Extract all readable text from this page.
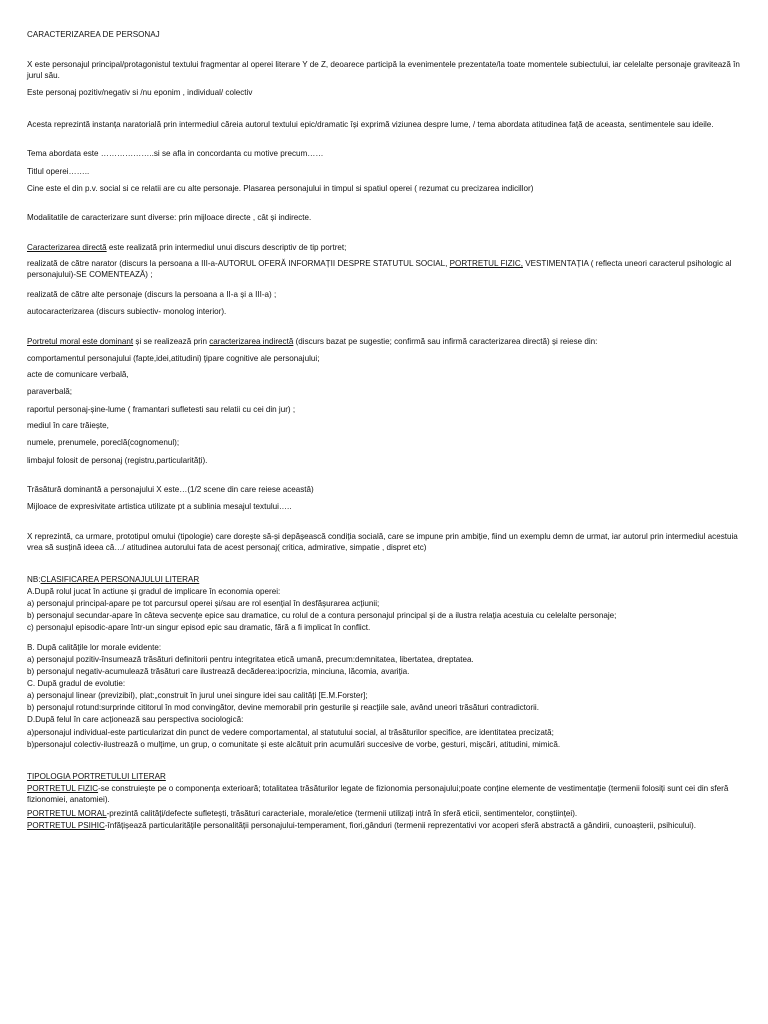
CARACTERIZAREA DE PERSONAJ
X este personajul principal/protagonistul textului fragmentar al operei literare Y de Z, deoarece participă la evenimentele prezentate/la toate momentele subiectului, iar celelalte personaje gravitează în jurul său.
Este personaj pozitiv/negativ si /nu eponim , individual/ colectiv
Acesta reprezintă instanța naratorială prin intermediul căreia autorul textului epic/dramatic își exprimă viziunea despre lume, / tema abordata atitudinea față de aceasta, sentimentele sau ideile.
Tema abordata este ………………..si se afla in concordanta cu motive precum……
Titlul operei……..
Cine este el din p.v. social si ce relatii are cu alte personaje. Plasarea personajului in timpul si spatiul operei ( rezumat cu precizarea indicillor)
Modalitatile de caracterizare sunt diverse: prin mijloace directe , cât și indirecte.
Caracterizarea directă este realizată prin intermediul unui discurs descriptiv de tip portret;
realizată de către narator (discurs la persoana a III-a-AUTORUL OFERĂ INFORMAȚII DESPRE STATUTUL SOCIAL, PORTRETUL FIZIC, VESTIMENTAȚIA ( reflecta uneori caracterul psihologic al personajului)-SE COMENTEAZĂ) ;
realizată de către alte personaje (discurs la persoana a II-a și a III-a) ;
autocaracterizarea (discurs subiectiv- monolog interior).
Portretul moral este dominant și se realizează prin caracterizarea indirectă (discurs bazat pe sugestie; confirmă sau infirmă caracterizarea directă) și reiese din:
comportamentul personajului (fapte,idei,atitudini) ţipare cognitive ale personajului;
acte de comunicare verbală,
paraverbală;
raportul personaj-șine-lume ( framantari sufletesti sau relatii cu cei din jur) ;
mediul în care trăiește,
numele, prenumele, poreclă(cognomenul);
limbajul folosit de personaj (registru,particularități).
Trăsătură dominantă a personajului X este…(1/2 scene din care reiese aceastâ)
Mijloace de expresivitate artistica utilizate pt a sublinia mesajul textului…..
X reprezintă, ca urmare, prototipul omului (tipologie) care dorește să-și depășească condiția socială, care se impune prin ambiție, fiind un exemplu demn de urmat, iar autorul prin intermediul acestuia vrea să susțină ideea că…/ atitudinea autorului fata de acest personaj( critica, admirative, simpatie , dispret etc)
NB:CLASIFICAREA PERSONAJULUI LITERAR
A.După rolul jucat în actiune și gradul de implicare în economia operei:
a) personajul principal-apare pe tot parcursul operei și/sau are rol esențial în desfășurarea acțiunii;
b) personajul secundar-apare în câteva secvențe epice sau dramatice, cu rolul de a contura personajul principal și de a ilustra relația acestuia cu celelalte personaje;
c) personajul episodic-apare într-un singur episod epic sau dramatic, fără a fi implicat în conflict.
B. După calitățile lor morale evidente:
a) personajul pozitiv-însumează trăsături definitorii pentru integritatea etică umană, precum:demnitatea, libertatea, dreptatea.
b) personajul negativ-acumulează trăsături care ilustrează decăderea:ipocrizia, minciuna, lăcomia, avariția.
C. După gradul de evolutie:
a) personajul linear (previzibil), plat:„construit în jurul unei singure idei sau calități [E.M.Forster];
b) personajul rotund:surprinde cititorul în mod convingător, devine memorabil prin gesturile și reacțiile sale, având uneori trăsături contradictorii.
D.După felul în care acționează sau perspectiva sociologică:
a)personajul individual-este particularizat din punct de vedere comportamental, al statutului social, al trăsăturilor specifice, are identitatea precizată;
b)personajul colectiv-ilustrează o mulțime, un grup, o comunitate și este alcătuit prin acumulări succesive de vorbe, gesturi, mișcări, atitudini, mimică.
TIPOLOGIA PORTRETULUI LITERAR
PORTRETUL FIZIC-se construiește pe o componența exterioară; totalitatea trăsăturilor legate de fizionomia personajului;poate conține elemente de vestimentație (termenii folosiți sunt cei din sferă fizionomiei, anatomiei).
PORTRETUL MORAL-prezintă calități/defecte sufletești, trăsături caracteriale, morale/etice (termenii utilizați intră în sferă eticii, sentimentelor, conștiinței).
PORTRETUL PSIHIC-înfățișează particularitățile personalității personajului-temperament, fiori,gânduri (termenii reprezentativi vor acoperi sferă abstractă a gândirii, cunoașterii, psihicului).
